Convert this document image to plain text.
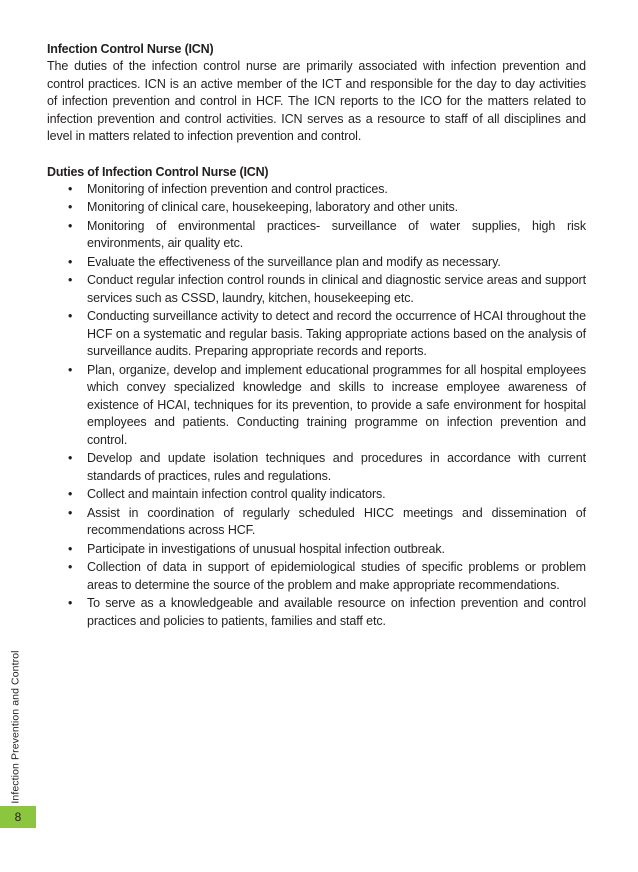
Infection Control Nurse (ICN)

The duties of the infection control nurse are primarily associated with infection prevention and control practices. ICN is an active member of the ICT and responsible for the day to day activities of infection prevention and control in HCF. The ICN reports to the ICO for the matters related to infection prevention and control activities. ICN serves as a resource to staff of all disciplines and level in matters related to infection prevention and control.

Duties of Infection Control Nurse (ICN)
• Monitoring of infection prevention and control practices.
• Monitoring of clinical care, housekeeping, laboratory and other units.
• Monitoring of environmental practices- surveillance of water supplies, high risk environments, air quality etc.
• Evaluate the effectiveness of the surveillance plan and modify as necessary.
• Conduct regular infection control rounds in clinical and diagnostic service areas and support services such as CSSD, laundry, kitchen, housekeeping etc.
• Conducting surveillance activity to detect and record the occurrence of HCAI throughout the HCF on a systematic and regular basis. Taking appropriate actions based on the analysis of surveillance audits. Preparing appropriate records and reports.
• Plan, organize, develop and implement educational programmes for all hospital employees which convey specialized knowledge and skills to increase employee awareness of existence of HCAI, techniques for its prevention, to provide a safe environment for hospital employees and patients. Conducting training programme on infection prevention and control.
• Develop and update isolation techniques and procedures in accordance with current standards of practices, rules and regulations.
• Collect and maintain infection control quality indicators.
• Assist in coordination of regularly scheduled HICC meetings and dissemination of recommendations across HCF.
• Participate in investigations of unusual hospital infection outbreak.
• Collection of data in support of epidemiological studies of specific problems or problem areas to determine the source of the problem and make appropriate recommendations.
• To serve as a knowledgeable and available resource on infection prevention and control practices and policies to patients, families and staff etc.
Infection Prevention and Control
8
